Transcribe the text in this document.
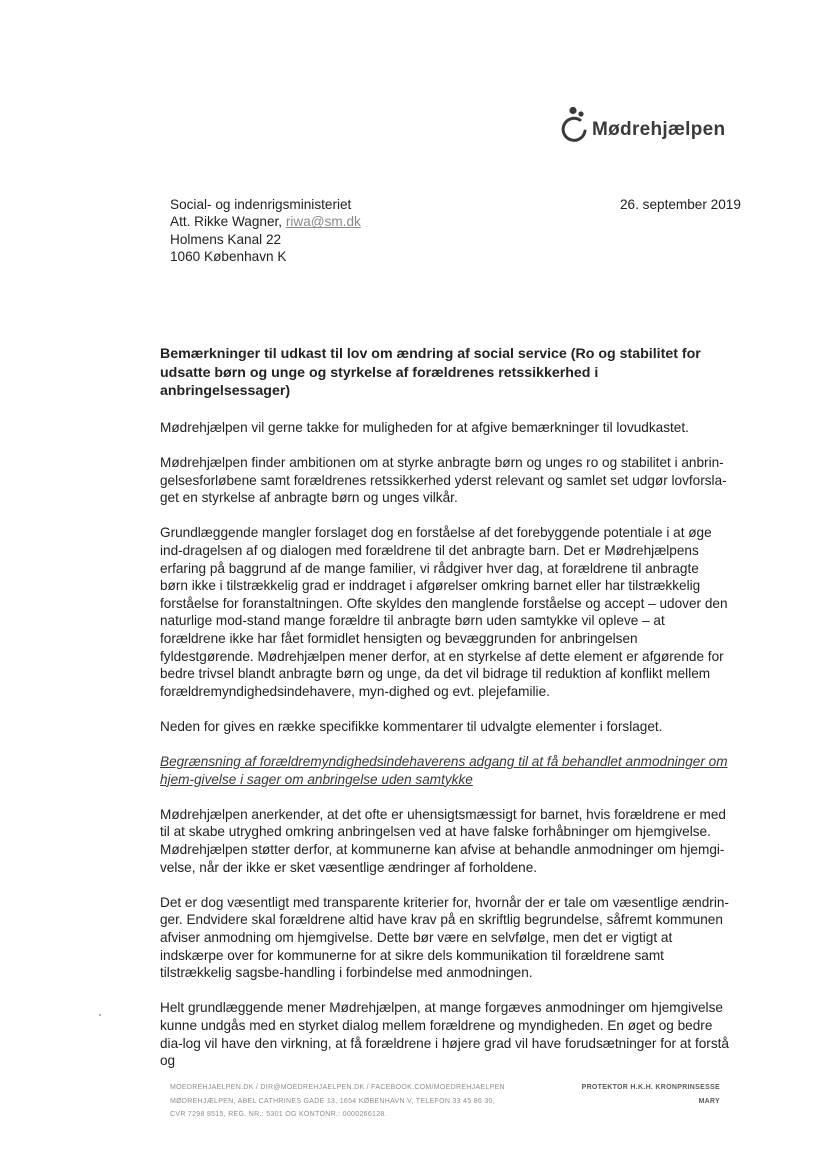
Mødrehjælpen
Social- og indenrigsministeriet
Att. Rikke Wagner, riwa@sm.dk
Holmens Kanal 22
1060 København K
26. september 2019

Bemærkninger til udkast til lov om ændring af social service (Ro og stabilitet for udsatte børn og unge og styrkelse af forældrenes retssikkerhed i anbringelsessager)

Mødrehjælpen vil gerne takke for muligheden for at afgive bemærkninger til lovudkastet.

Mødrehjælpen finder ambitionen om at styrke anbragte børn og unges ro og stabilitet i anbrin-gelsesforløbene samt forældrenes retssikkerhed yderst relevant og samlet set udgør lovforsla-get en styrkelse af anbragte børn og unges vilkår.

Grundlæggende mangler forslaget dog en forståelse af det forebyggende potentiale i at øge ind-dragelsen af og dialogen med forældrene til det anbragte barn. Det er Mødrehjælpens erfaring på baggrund af de mange familier, vi rådgiver hver dag, at forældrene til anbragte børn ikke i tilstrækkelig grad er inddraget i afgørelser omkring barnet eller har tilstrækkelig forståelse for foranstaltningen. Ofte skyldes den manglende forståelse og accept – udover den naturlige mod-stand mange forældre til anbragte børn uden samtykke vil opleve – at forældrene ikke har fået formidlet hensigten og bevæggrunden for anbringelsen fyldestgørende. Mødrehjælpen mener derfor, at en styrkelse af dette element er afgørende for bedre trivsel blandt anbragte børn og unge, da det vil bidrage til reduktion af konflikt mellem forældremyndighedsindehavere, myn-dighed og evt. plejefamilie.

Neden for gives en række specifikke kommentarer til udvalgte elementer i forslaget.

Begrænsning af forældremyndighedsindehaverens adgang til at få behandlet anmodninger om hjem-givelse i sager om anbringelse uden samtykke

Mødrehjælpen anerkender, at det ofte er uhensigtsmæssigt for barnet, hvis forældrene er med til at skabe utryghed omkring anbringelsen ved at have falske forhåbninger om hjemgivelse. Mødrehjælpen støtter derfor, at kommunerne kan afvise at behandle anmodninger om hjemgi-velse, når der ikke er sket væsentlige ændringer af forholdene.

Det er dog væsentligt med transparente kriterier for, hvornår der er tale om væsentlige ændrin-ger. Endvidere skal forældrene altid have krav på en skriftlig begrundelse, såfremt kommunen afviser anmodning om hjemgivelse. Dette bør være en selvfølge, men det er vigtigt at indskærpe over for kommunerne for at sikre dels kommunikation til forældrene samt tilstrækkelig sagsbe-handling i forbindelse med anmodningen.

Helt grundlæggende mener Mødrehjælpen, at mange forgæves anmodninger om hjemgivelse kunne undgås med en styrket dialog mellem forældrene og myndigheden. En øget og bedre dia-log vil have den virkning, at få forældrene i højere grad vil have forudsætninger for at forstå og

MOEDREHJAELPEN.DK / DIR@MOEDREHJAELPEN.DK / FACEBOOK.COM/MOEDREHJAELPEN
MØDREHJÆLPEN, ABEL CATHRINES GADE 13, 1654 KØBENHAVN V, TELEFON 33 45 86 30,
CVR 7298 8515, REG. NR.: 5301 OG KONTONR.: 0000266128.
PROTEKTOR H.K.H. KRONPRINSESSE
MARY
